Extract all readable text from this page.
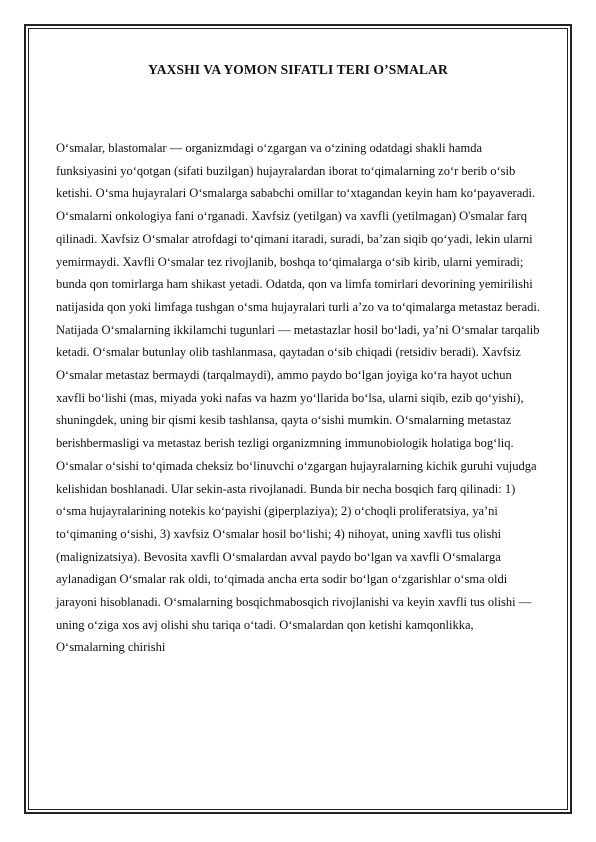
YAXSHI VA YOMON SIFATLI TERI O’SMALAR

O‘smalar, blastomalar — organizmdagi o‘zgargan va o‘zining odatdagi shakli hamda funksiyasini yo‘qotgan (sifati buzilgan) hujayralardan iborat to‘qimalarning zo‘r berib o‘sib ketishi. O‘sma hujayralari O‘smalarga sababchi omillar to‘xtagandan keyin ham ko‘payaveradi.

O‘smalarni onkologiya fani o‘rganadi. Xavfsiz (yetilgan) va xavfli (yetilmagan) O'smalar farq qilinadi. Xavfsiz O‘smalar atrofdagi to‘qimani itaradi, suradi, ba’zan siqib qo‘yadi, lekin ularni yemirmaydi. Xavfli O‘smalar tez rivojlanib, boshqa to‘qimalarga o‘sib kirib, ularni yemiradi; bunda qon tomirlarga ham shikast yetadi. Odatda, qon va limfa tomirlari devorining yemirilishi natijasida qon yoki limfaga tushgan o‘sma hujayralari turli a’zo va to‘qimalarga metastaz beradi. Natijada O‘smalarning ikkilamchi tugunlari — metastazlar hosil bo‘ladi, ya’ni O‘smalar tarqalib ketadi. O‘smalar butunlay olib tashlanmasa, qaytadan o‘sib chiqadi (retsidiv beradi). Xavfsiz O‘smalar metastaz bermaydi (tarqalmaydi), ammo paydo bo‘lgan joyiga ko‘ra hayot uchun xavfli bo‘lishi (mas, miyada yoki nafas va hazm yo‘llarida bo‘lsa, ularni siqib, ezib qo‘yishi), shuningdek, uning bir qismi kesib tashlansa, qayta o‘sishi mumkin. O‘smalarning metastaz berishbermasligi va metastaz berish tezligi organizmning immunobiologik holatiga bog‘liq.

O‘smalar o‘sishi to‘qimada cheksiz bo‘linuvchi o‘zgargan hujayralarning kichik guruhi vujudga kelishidan boshlanadi. Ular sekin-asta rivojlanadi. Bunda bir necha bosqich farq qilinadi: 1) o‘sma hujayralarining notekis ko‘payishi (giperplaziya); 2) o‘choqli proliferatsiya, ya’ni to‘qimaning o‘sishi, 3) xavfsiz O‘smalar hosil bo‘lishi; 4) nihoyat, uning xavfli tus olishi (malignizatsiya). Bevosita xavfli O‘smalardan avval paydo bo‘lgan va xavfli O‘smalarga aylanadigan O‘smalar rak oldi, to‘qimada ancha erta sodir bo‘lgan o‘zgarishlar o‘sma oldi jarayoni hisoblanadi. O‘smalarning bosqichmabosqich rivojlanishi va keyin xavfli tus olishi — uning o‘ziga xos avj olishi shu tariqa o‘tadi. O‘smalardan qon ketishi kamqonlikka, O‘smalarning chirishi
